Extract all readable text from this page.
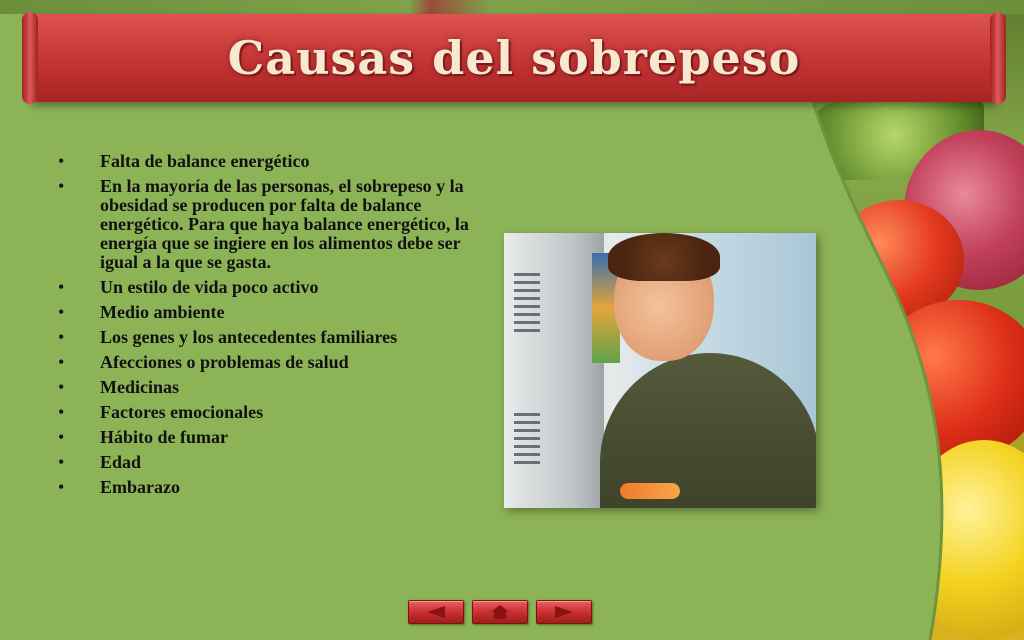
Causas del sobrepeso
•	Falta de balance energético
•	En la mayoría de las personas, el sobrepeso y la obesidad se producen por falta de balance energético. Para que haya balance energético, la energía que se ingiere en los alimentos debe ser igual a la que se gasta.
•	Un estilo de vida poco activo
•	Medio ambiente
•	Los genes y los antecedentes familiares
•	Afecciones o problemas de salud
•	Medicinas
•	Factores emocionales
•	Hábito de fumar
•	Edad
•	Embarazo
